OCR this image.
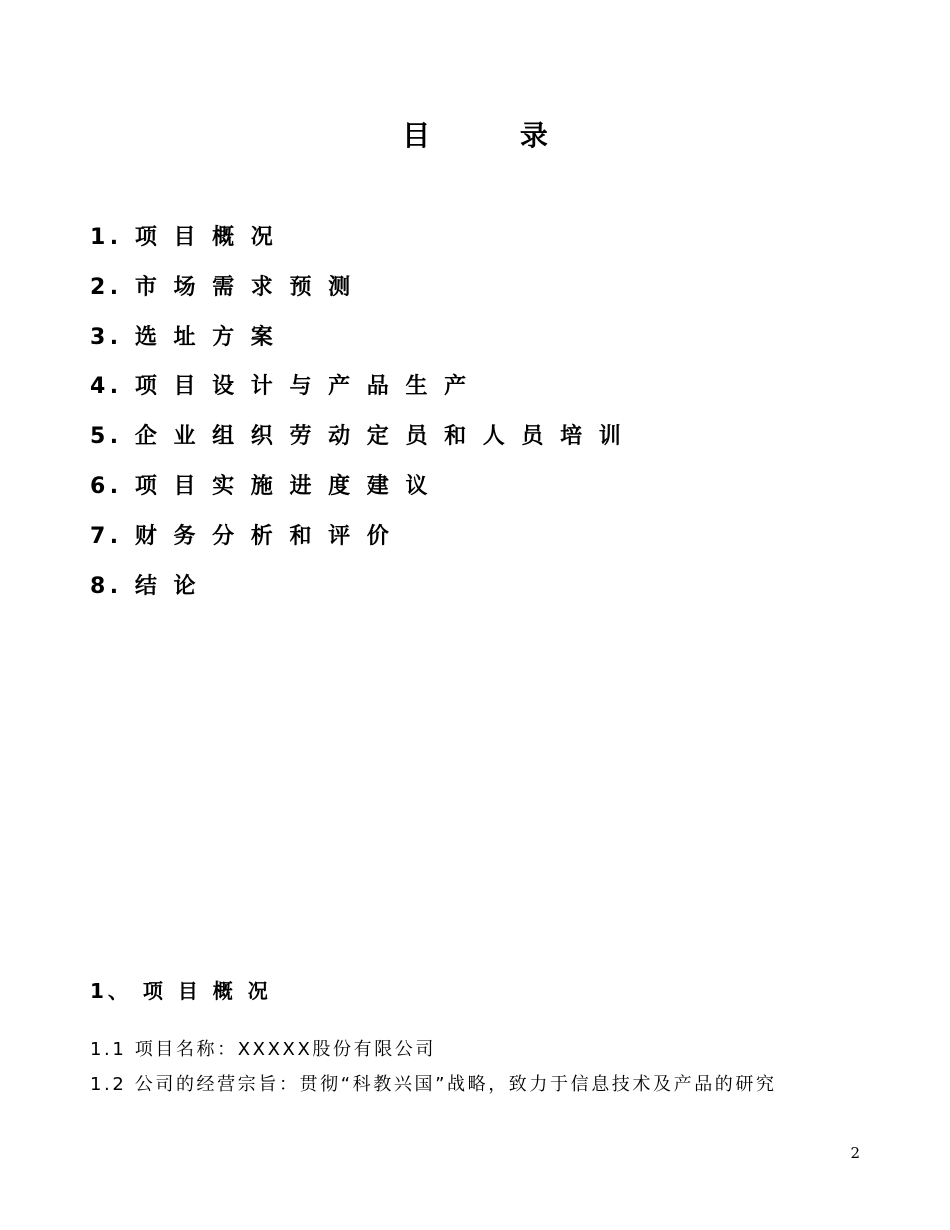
目 录
1. 项 目 概 况
2. 市 场 需 求 预 测
3. 选 址 方 案
4. 项 目 设 计 与 产 品 生 产
5. 企 业 组 织 劳 动 定 员 和 人 员 培 训
6. 项 目 实 施 进 度 建 议
7. 财 务 分 析 和 评 价
8. 结 论
1、 项 目 概 况
1.1 项目名称：XXXXX股份有限公司
1.2 公司的经营宗旨：贯彻“科教兴国”战略，致力于信息技术及产品的研究
2
